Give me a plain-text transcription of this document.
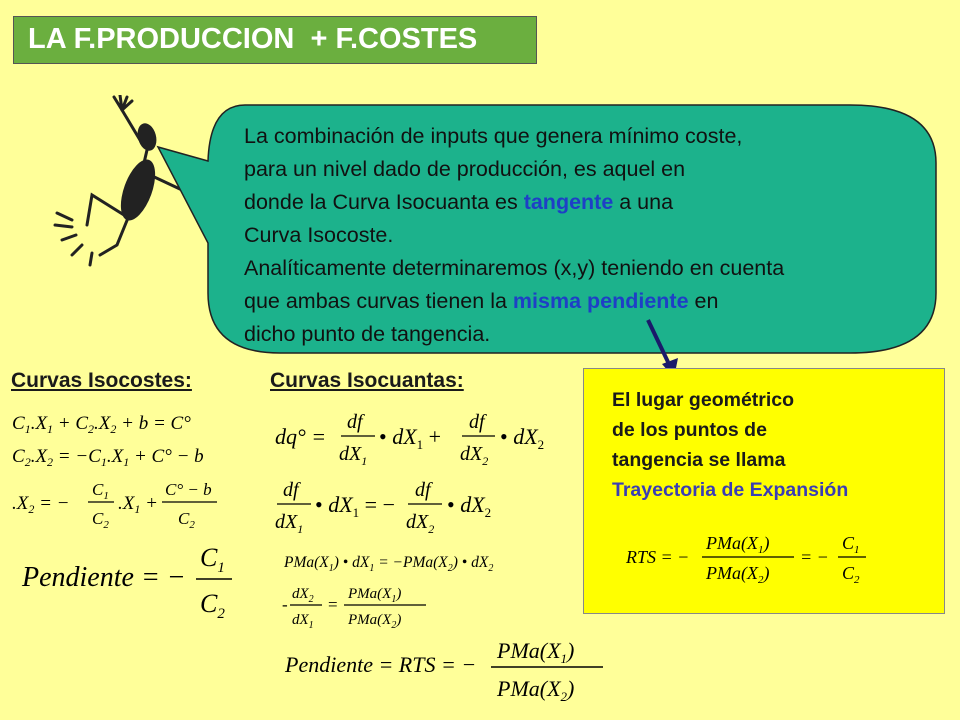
LA F.PRODUCCION  + F.COSTES
La combinación de inputs que genera mínimo coste,
para un nivel dado de producción, es aquel en
donde la Curva Isocuanta es tangente a una
Curva Isocoste.
Analíticamente determinaremos (x,y) teniendo en cuenta
que ambas curvas tienen la misma pendiente en
dicho punto de tangencia.
Curvas Isocostes:	Curvas Isocuantas:
$C_1.X_1 + C_2.X_2 + b = C^\circ$
$C_2.X_2 = -C_1.X_1 + C^\circ - b$
$.X_2$ = −
$C_1$
$C_2$
$.X_1$ +
C° − b
$C_2$
Pendiente = −
$C_1$
$C_2$
dq° =
df
$dX_1$
• $dX_1$ +
df
$dX_2$
• $dX_2$
df
$dX_1$
• $dX_1$ = −
df
$dX_2$
• $dX_2$
$PMa(X_1)$ • $dX_1 = -PMa(X_2)$ • $dX_2$
-
$dX_2$
$dX_1$
=
$PMa(X_1)$
$PMa(X_2)$
Pendiente = RTS = −
$PMa(X_1)$
$PMa(X_2)$
El lugar geométrico
de los puntos de
tangencia se llama
Trayectoria de Expansión
RTS = −
$PMa(X_1)$
$PMa(X_2)$
= −
$C_1$
$C_2$
